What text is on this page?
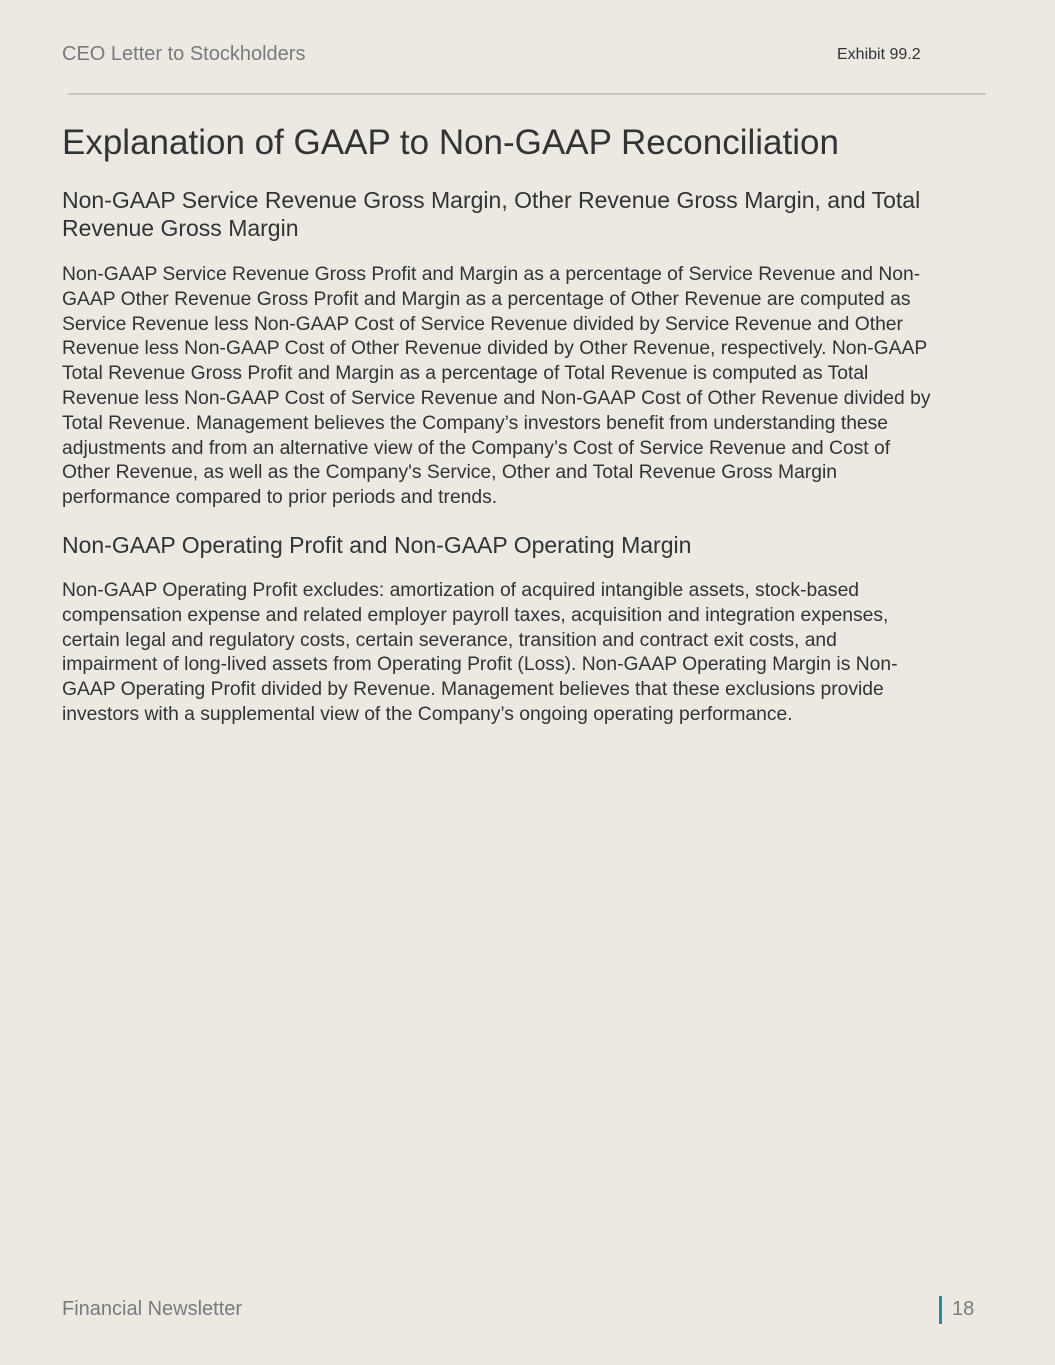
CEO Letter to Stockholders	Exhibit 99.2
Explanation of GAAP to Non-GAAP Reconciliation
Non-GAAP Service Revenue Gross Margin, Other Revenue Gross Margin, and Total Revenue Gross Margin

Non-GAAP Service Revenue Gross Profit and Margin as a percentage of Service Revenue and Non-GAAP Other Revenue Gross Profit and Margin as a percentage of Other Revenue are computed as Service Revenue less Non-GAAP Cost of Service Revenue divided by Service Revenue and Other Revenue less Non-GAAP Cost of Other Revenue divided by Other Revenue, respectively. Non-GAAP Total Revenue Gross Profit and Margin as a percentage of Total Revenue is computed as Total Revenue less Non-GAAP Cost of Service Revenue and Non-GAAP Cost of Other Revenue divided by Total Revenue. Management believes the Company’s investors benefit from understanding these adjustments and from an alternative view of the Company’s Cost of Service Revenue and Cost of Other Revenue, as well as the Company's Service, Other and Total Revenue Gross Margin performance compared to prior periods and trends.

Non-GAAP Operating Profit and Non-GAAP Operating Margin

Non-GAAP Operating Profit excludes: amortization of acquired intangible assets, stock-based compensation expense and related employer payroll taxes, acquisition and integration expenses, certain legal and regulatory costs, certain severance, transition and contract exit costs, and impairment of long-lived assets from Operating Profit (Loss). Non-GAAP Operating Margin is Non-GAAP Operating Profit divided by Revenue. Management believes that these exclusions provide investors with a supplemental view of the Company’s ongoing operating performance.

Financial Newsletter	18
